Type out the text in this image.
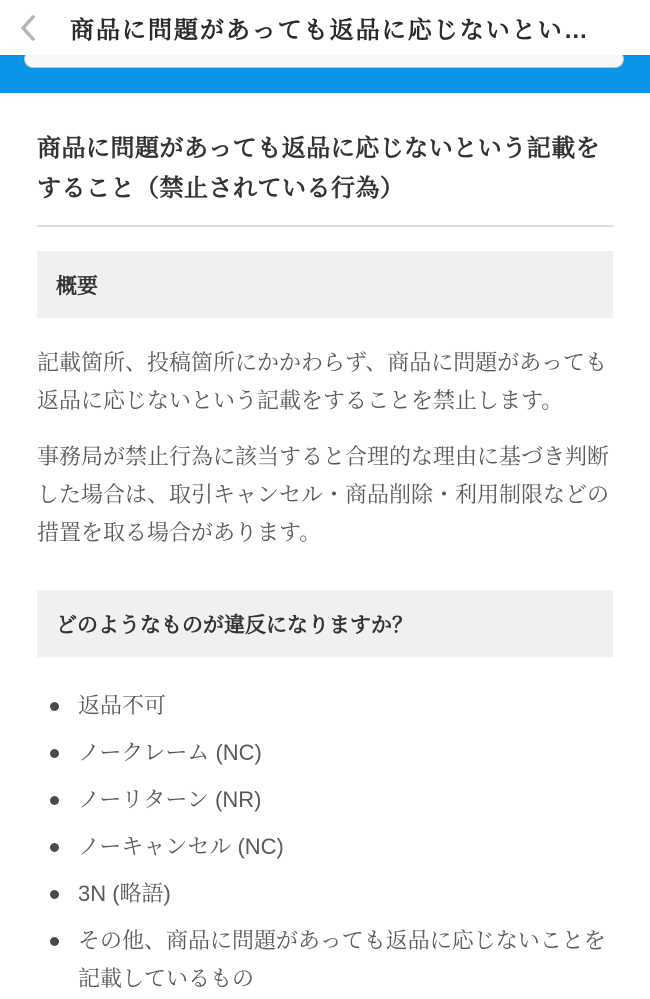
商品に問題があっても返品に応じないとい…
商品に問題があっても返品に応じないという記載をすること（禁止されている行為）
概要

記載箇所、投稿箇所にかかわらず、商品に問題があっても返品に応じないという記載をすることを禁止します。

事務局が禁止行為に該当すると合理的な理由に基づき判断した場合は、取引キャンセル・商品削除・利用制限などの措置を取る場合があります。

どのようなものが違反になりますか？
返品不可
ノークレーム (NC)
ノーリターン (NR)
ノーキャンセル (NC)
3N (略語)
その他、商品に問題があっても返品に応じないことを記載しているもの
